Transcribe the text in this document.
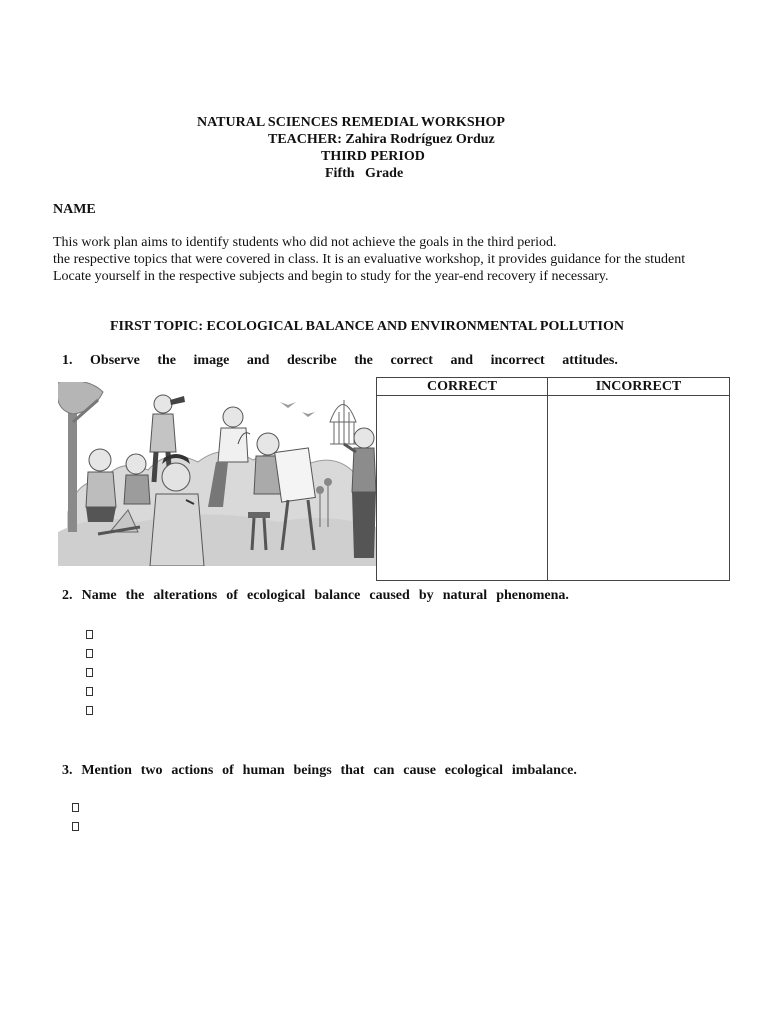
NATURAL SCIENCES REMEDIAL WORKSHOP
TEACHER: Zahira Rodríguez Orduz
THIRD PERIOD
Fifth   Grade
NAME
This work plan aims to identify students who did not achieve the goals in the third period.
the respective topics that were covered in class. It is an evaluative workshop, it provides guidance for the student
Locate yourself in the respective subjects and begin to study for the year-end recovery if necessary.
FIRST TOPIC: ECOLOGICAL BALANCE AND ENVIRONMENTAL POLLUTION
1. Observe the image and describe the correct and incorrect attitudes.
CORRECT	INCORRECT

2. Name the alterations of ecological balance caused by natural phenomena.
3. Mention two actions of human beings that can cause ecological imbalance.
